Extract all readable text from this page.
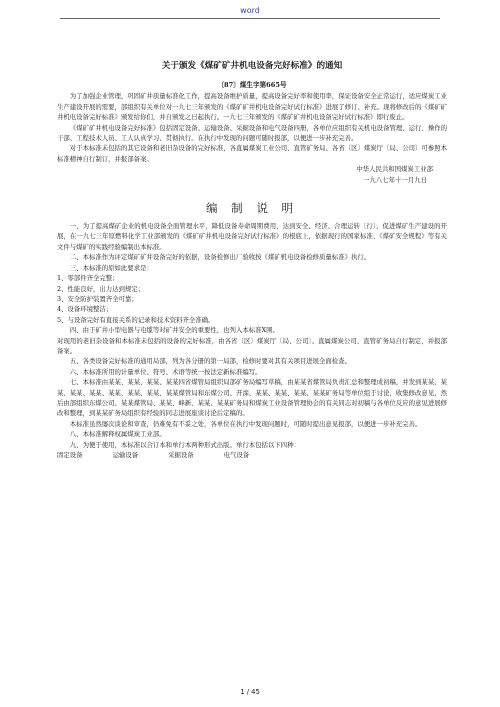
word
关于颁发《煤矿矿井机电设备完好标准》的通知
〔87〕煤生字第665号

为了加强企业管理，巩固矿井质量标准化工作，提高设备维护质量，提高设备完好率和使用率，保证设备安全正常运行，适应煤炭工业生产建设开展的需要，部组织有关单位对一九七三年颁发的《煤矿矿井机电设备完好试行标准》进展了修订、补充。现将修改后的《煤矿矿井机电设备完好标准》颁发给你们，并自颁发之日起执行。一九七三年颁发的《煤矿矿井机电设备完好试行标准》即行废止。

《煤矿矿井机电设备完好标准》包括固定设备、运输设备、采掘设备和电气设备四册，各单位应组织有关机电设备管理、运行、操作的干部、工程技术人员、工人认真学习、贯彻执行。在执行中发现的问题可随时报部，以便进一步补充完善。

对于本标准未包括的其它设备和老旧杂设备的完好标准，各直属煤炭工业公司、直管矿务局、各省〔区〕煤炭厅〔局、公司〕可参照本标准精神自行制订，并报部备案。

中华人民共和国煤炭工业部
一九八七年十一月九日
编 制 说 明

一、为了提高煤矿企业的机电设备全面管理水平，降低设备寿命周期费用，达到安全、经济、合理运转〔行〕，促进煤矿生产建设的开展，在一九七三年原燃料化学工业部颁发的《煤矿矿井机电设备完好试行标准》的根底上，依据现行的国家标准、《煤矿安全规程》等有关文件与煤矿的实践经验编制出本标准。

二、本标准作为评定煤矿矿井设备完好的依据，设备检修出厂验收按《煤矿机电设备检修质量标准》执行。

三、本标准的原如此要求是：

1、零部件齐全完整；

2、性能良好，出力达到规定；

3、安全防护装置齐全可靠；

4、设备环境整洁；

5、与设备完好有直接关系的记录和技术资料齐全准确。

四、由于矿井小型电器与电缆等对矿井安全的重要性，也列入本标准Ⅹ围。

对现用的老旧杂设备和本标准未包括的设备的完好标准，由各省〔区〕煤炭厅〔局、公司〕、直属煤炭公司、直管矿务局自行制定，并报部备案。

五、各类设备完好标准的通用局部，列为各分册的第一局部，检修时要对其有关项目进展全面检查。

六、本标准所用的计量单位、符号、术语等统一按法定新标准编写。

七、本标准由某某、某某、某某、某某四省煤管局组织局部矿务局编写草稿，由某某省煤管局负责汇总和整理成初稿，并发到某某、某某、某某、某某、某某、某某、某某、某某煤管局和东煤公司、开滦、某某、某某、某某、某某矿务局等单位组于讨论，收集修改意见，然后由部组织东煤公司、某某煤管局、某某、峰新、某某、某某矿务局和煤炭工业设备管理协会的有关同志对初稿与各单位反应的意见进展修改和整理，到某某矿务局组织有经验的同志进展座谈讨论后定稿的。

本标准虽然屡次谈论和审查，仍难免有不妥之处，各单位在执行中发现问题时，可随时提出意见报部，以便进一步补充完善。

八、本标准解释权属煤炭工业部。

九、为便于使用，本标准以合订本和单行本两种形式出版。单行本包括以下四种：

固定设备	运输设备	采掘设备	电气设备
1 / 45
